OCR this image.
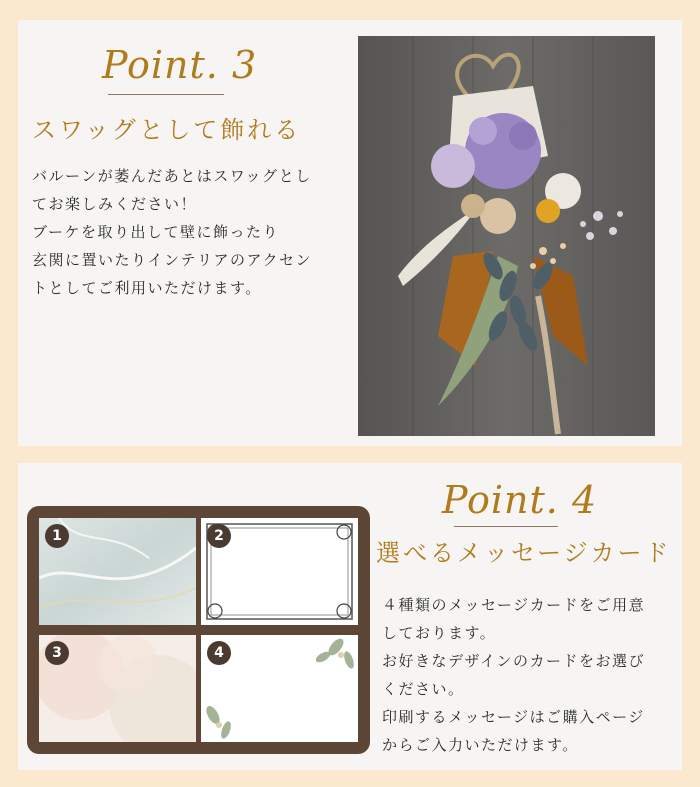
Point. 3
スワッグとして飾れる

バルーンが萎んだあとはスワッグとし
てお楽しみください！
ブーケを取り出して壁に飾ったり
玄関に置いたりインテリアのアクセン
トとしてご利用いただけます。

1	2
3	4
Point. 4
選べるメッセージカード

４種類のメッセージカードをご用意
しております。
お好きなデザインのカードをお選び
ください。
印刷するメッセージはご購入ページ
からご入力いただけます。
